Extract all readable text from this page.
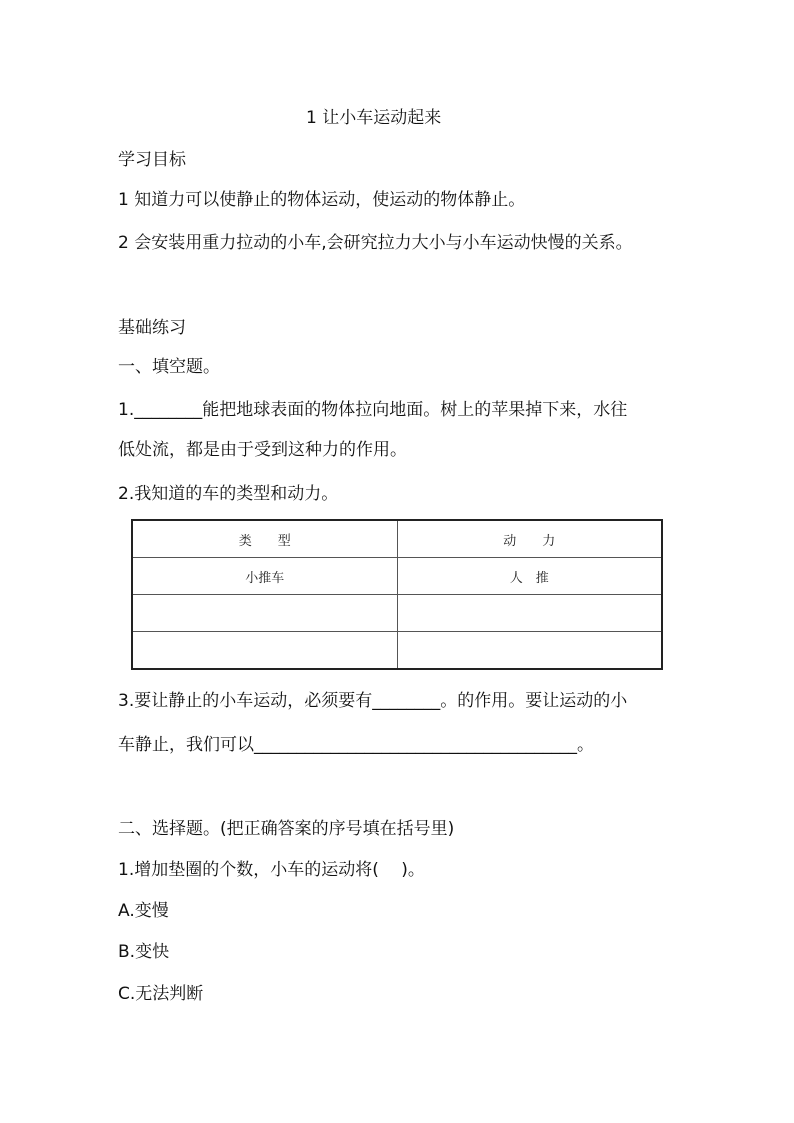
1 让小车运动起来
学习目标
1 知道力可以使静止的物体运动，使运动的物体静止。
2 会安装用重力拉动的小车,会研究拉力大小与小车运动快慢的关系。
基础练习
一、填空题。
1.________能把地球表面的物体拉向地面。树上的苹果掉下来，水往
低处流，都是由于受到这种力的作用。
2.我知道的车的类型和动力。
类　　型	动　　力
小推车	人　推

3.要让静止的小车运动，必须要有________。的作用。要让运动的小
车静止，我们可以______________________________________。
二、选择题。(把正确答案的序号填在括号里)
1.增加垫圈的个数，小车的运动将(　 )。
A.变慢
B.变快
C.无法判断
